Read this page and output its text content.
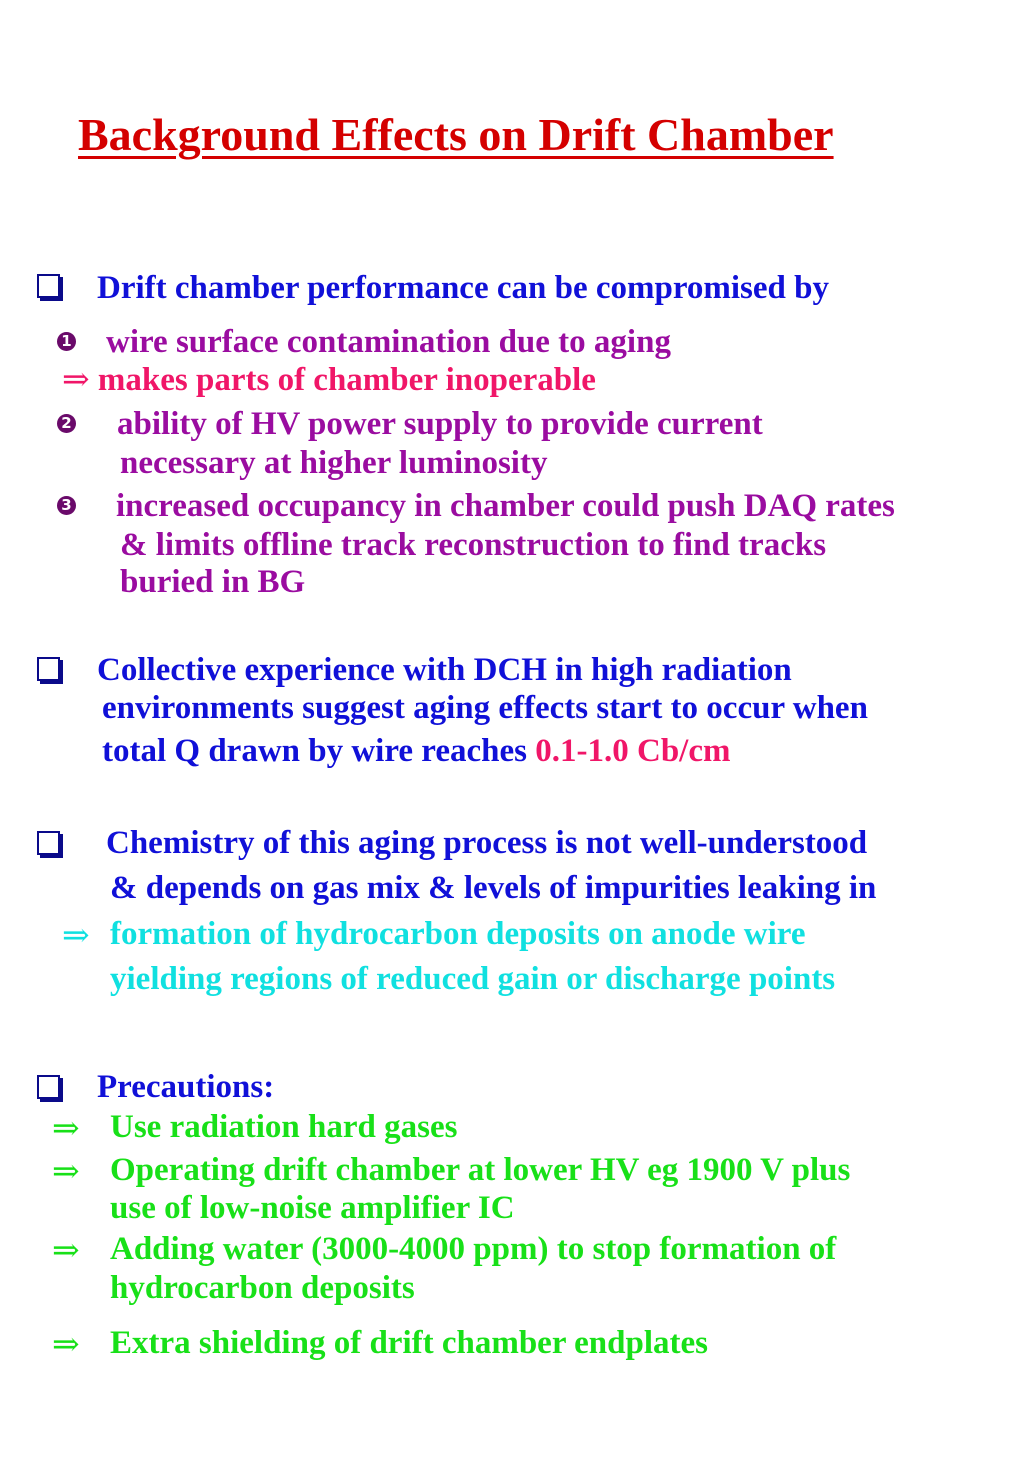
Background Effects on Drift Chamber
Drift chamber performance can be compromised by
1 wire surface contamination due to aging
⇒ makes parts of chamber inoperable
2 ability of HV power supply to provide current
necessary at higher luminosity
3 increased occupancy in chamber could push DAQ rates
& limits offline track reconstruction to find tracks
buried in BG
Collective experience with DCH in high radiation
environments suggest aging effects start to occur when
total Q drawn by wire reaches 0.1-1.0 Cb/cm
Chemistry of this aging process is not well-understood
& depends on gas mix & levels of impurities leaking in
⇒ formation of hydrocarbon deposits on anode wire
yielding regions of reduced gain or discharge points
Precautions:
⇒ Use radiation hard gases
⇒ Operating drift chamber at lower HV eg 1900 V plus
use of low-noise amplifier IC
⇒ Adding water (3000-4000 ppm) to stop formation of
hydrocarbon deposits
⇒ Extra shielding of drift chamber endplates
